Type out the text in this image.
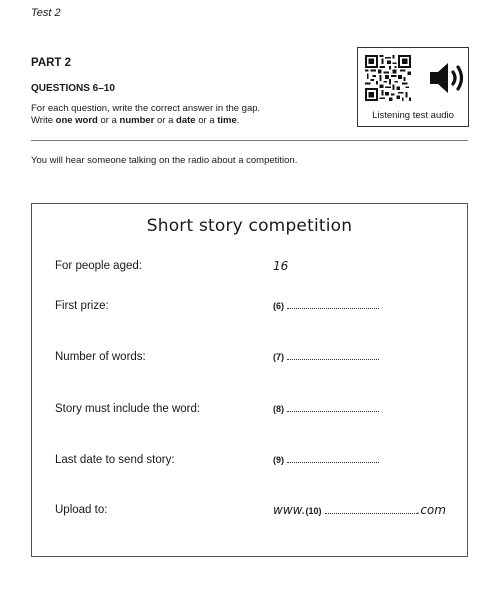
Test 2
PART 2
QUESTIONS 6–10
For each question, write the correct answer in the gap.
Write one word or a number or a date or a time.	Listening test audio
You will hear someone talking on the radio about a competition.
Short story competition
For people aged:	16
First prize:	(6)
Number of words:	(7)
Story must include the word:	(8)
Last date to send story:	(9)
Upload to:	www.(10)	.com
